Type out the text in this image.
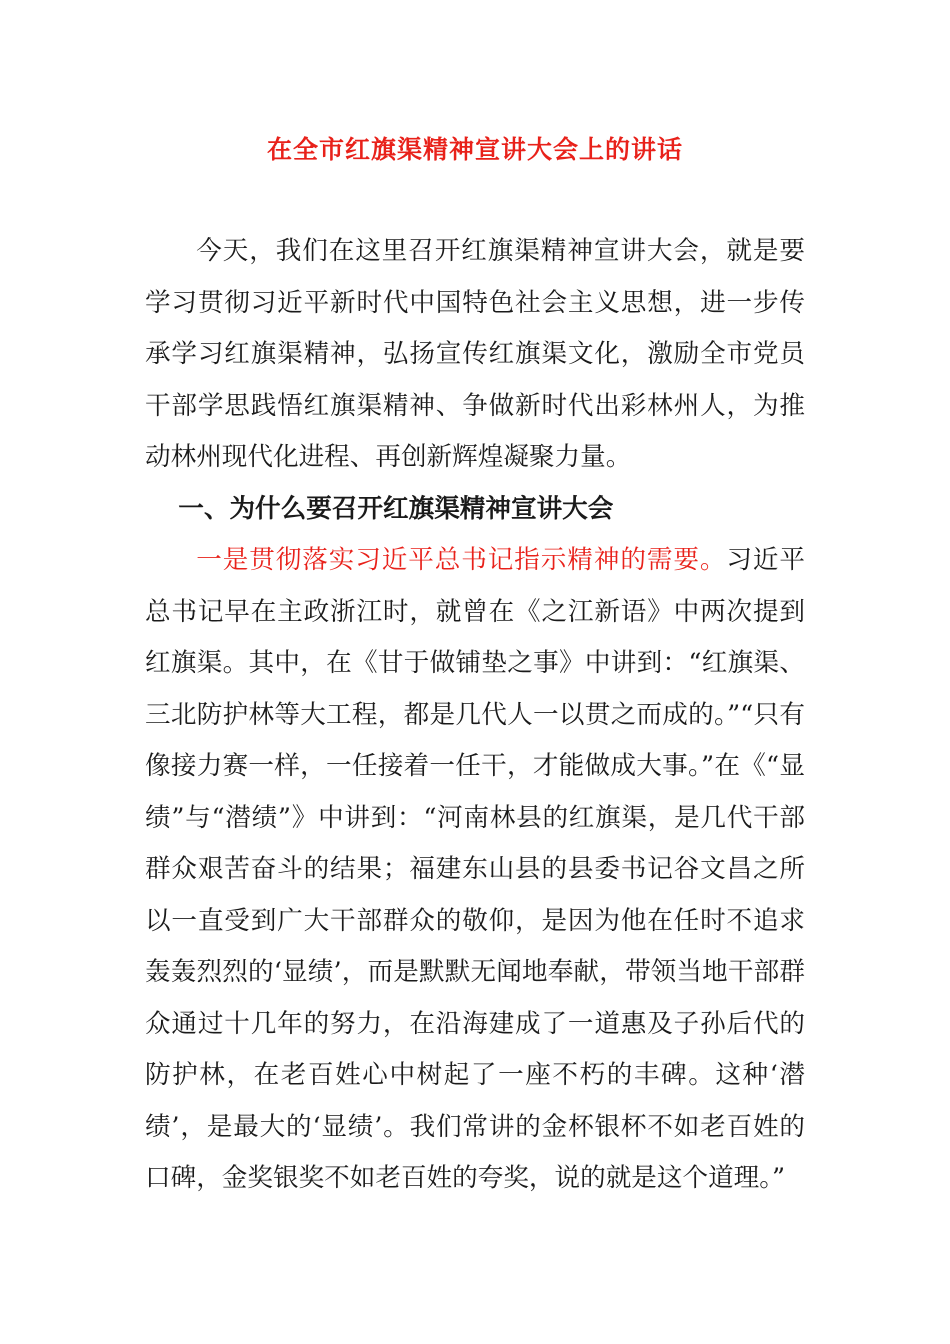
在全市红旗渠精神宣讲大会上的讲话

今天，我们在这里召开红旗渠精神宣讲大会，就是要学习贯彻习近平新时代中国特色社会主义思想，进一步传承学习红旗渠精神，弘扬宣传红旗渠文化，激励全市党员干部学思践悟红旗渠精神、争做新时代出彩林州人，为推动林州现代化进程、再创新辉煌凝聚力量。

一、为什么要召开红旗渠精神宣讲大会

一是贯彻落实习近平总书记指示精神的需要。习近平总书记早在主政浙江时，就曾在《之江新语》中两次提到红旗渠。其中，在《甘于做铺垫之事》中讲到：“红旗渠、三北防护林等大工程，都是几代人一以贯之而成的。”“只有像接力赛一样，一任接着一任干，才能做成大事。”在《“显绩”与“潜绩”》中讲到：“河南林县的红旗渠，是几代干部群众艰苦奋斗的结果；福建东山县的县委书记谷文昌之所以一直受到广大干部群众的敬仰，是因为他在任时不追求轰轰烈烈的‘显绩’，而是默默无闻地奉献，带领当地干部群众通过十几年的努力，在沿海建成了一道惠及子孙后代的防护林，在老百姓心中树起了一座不朽的丰碑。这种‘潜绩’，是最大的‘显绩’。我们常讲的金杯银杯不如老百姓的口碑，金奖银奖不如老百姓的夸奖，说的就是这个道理。”
